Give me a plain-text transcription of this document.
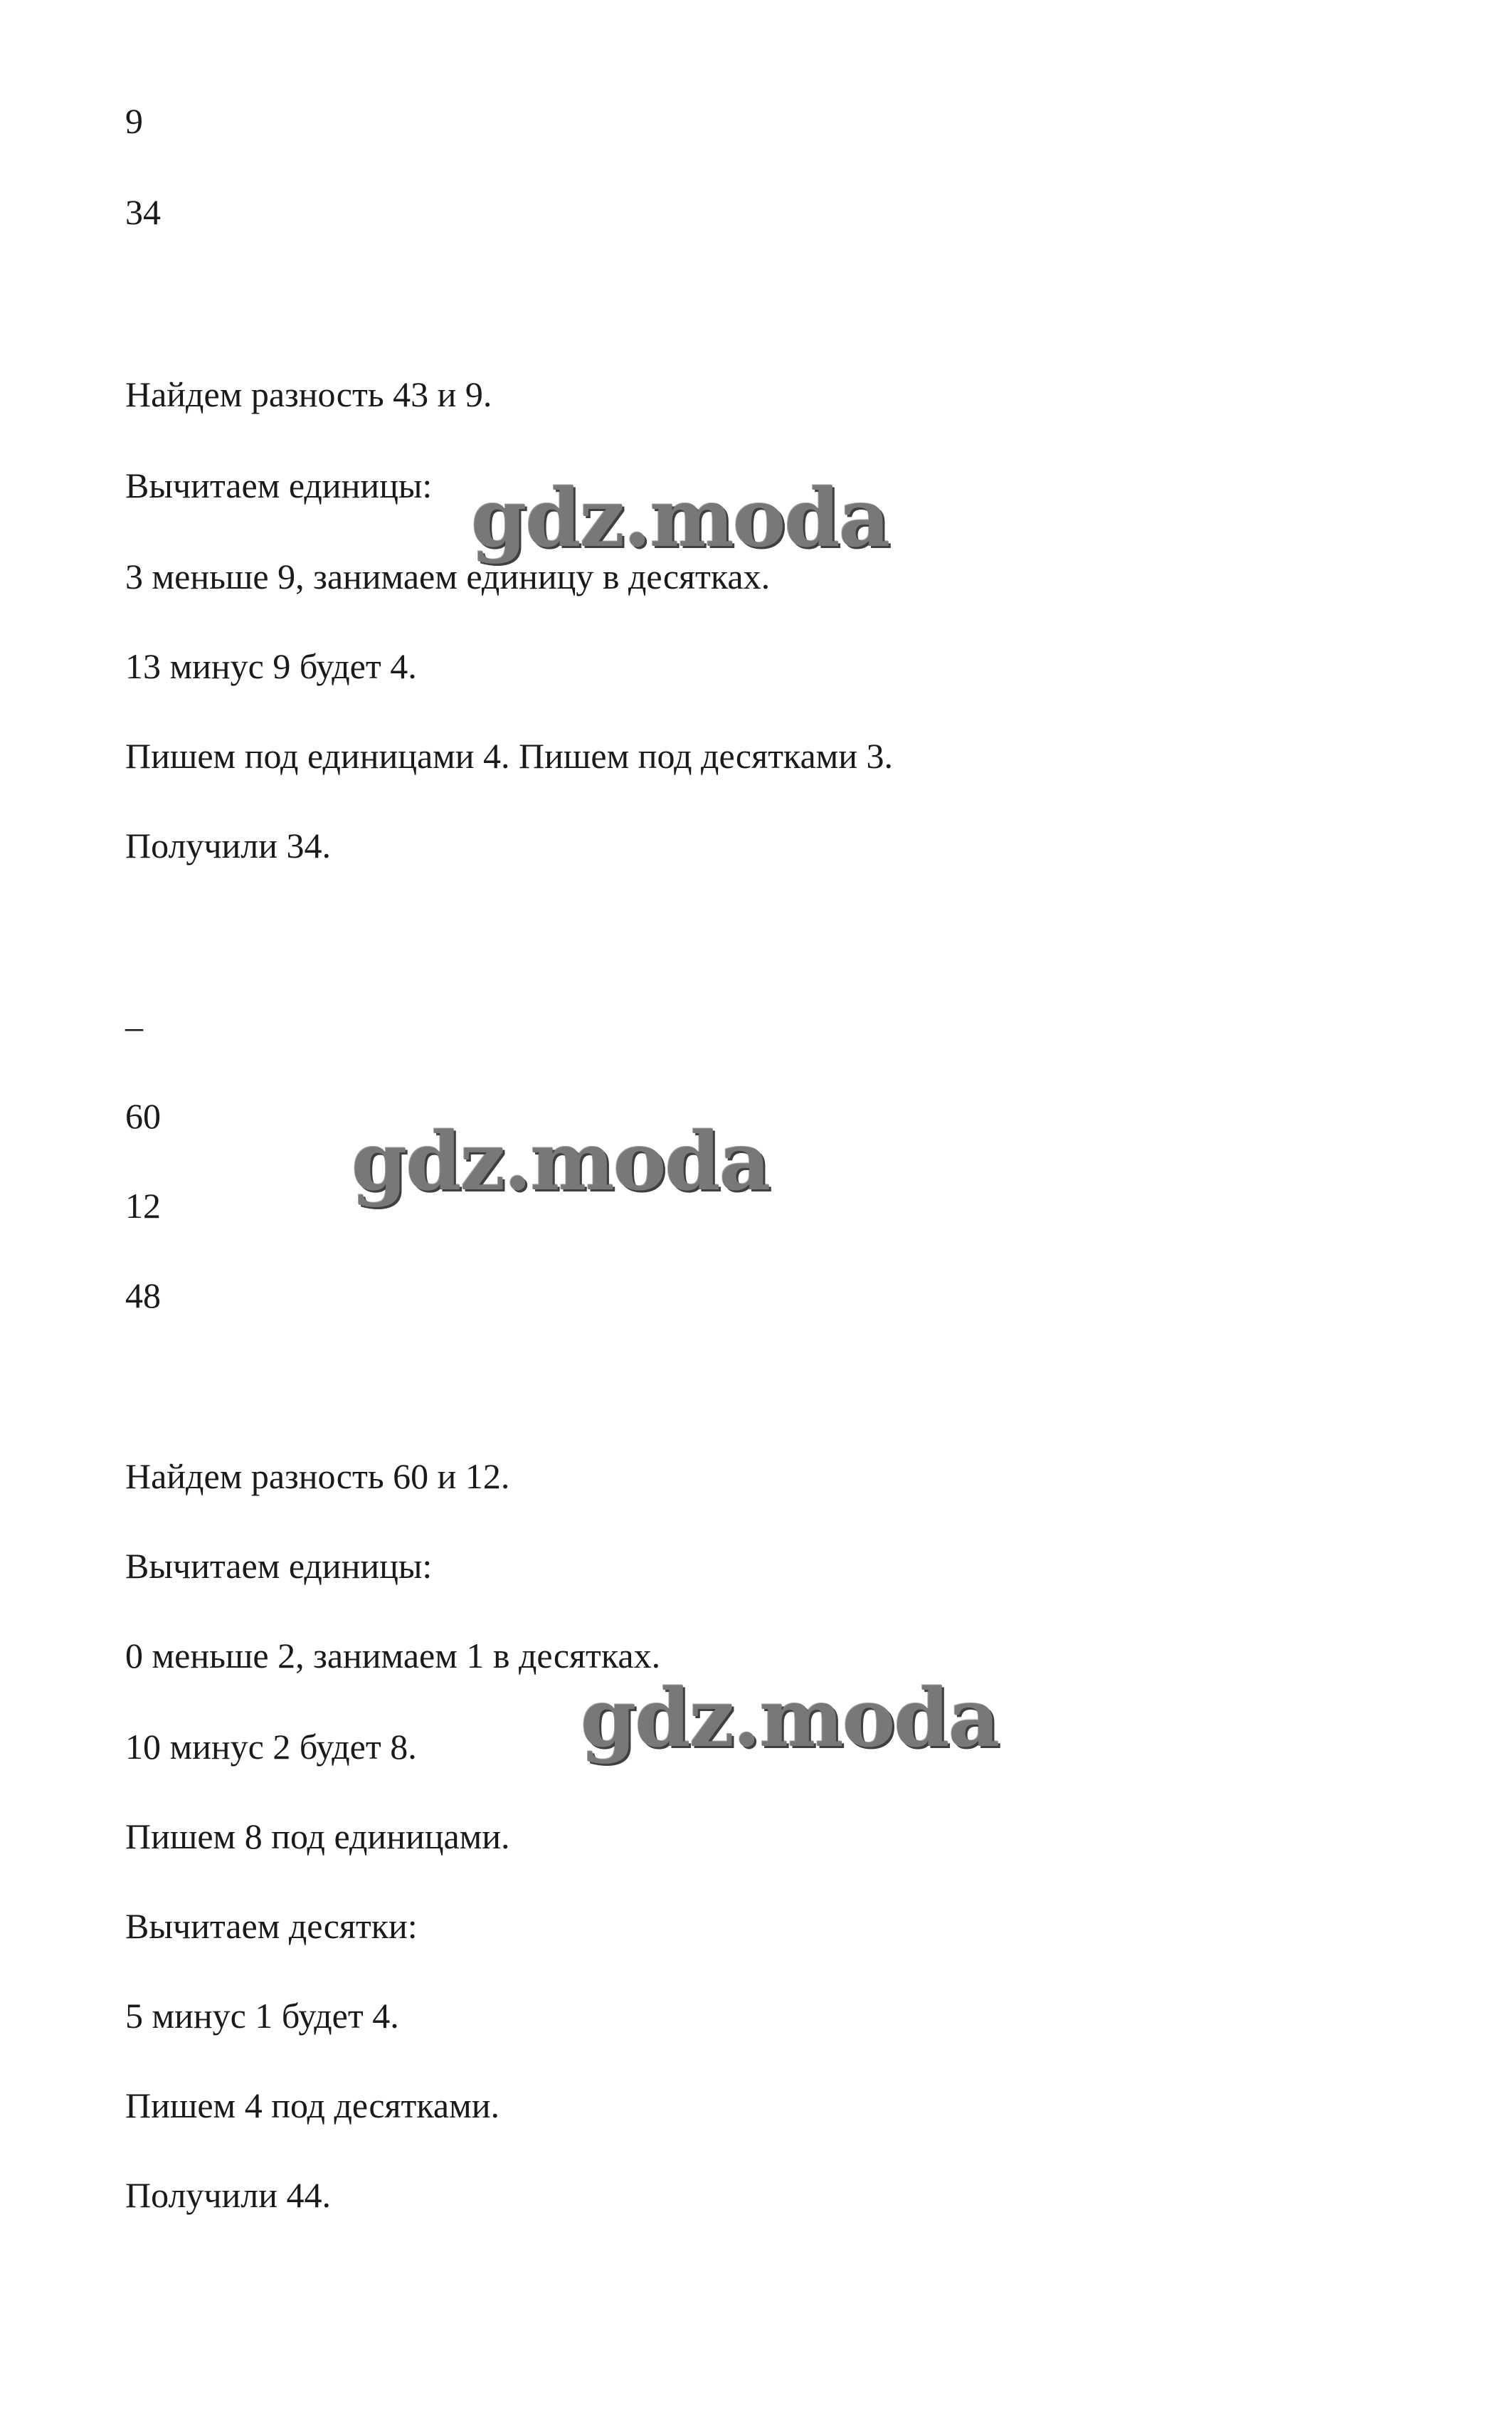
9

34

Найдем разность 43 и 9.

Вычитаем единицы:

3 меньше 9, занимаем единицу в десятках.

13 минус 9 будет 4.

Пишем под единицами 4. Пишем под десятками 3.

Получили 34.

–

60

12

48

Найдем разность 60 и 12.

Вычитаем единицы:

0 меньше 2, занимаем 1 в десятках.

10 минус 2 будет 8.

Пишем 8 под единицами.

Вычитаем десятки:

5 минус 1 будет 4.

Пишем 4 под десятками.

Получили 44.

gdz.moda
gdz.moda
gdz.moda
